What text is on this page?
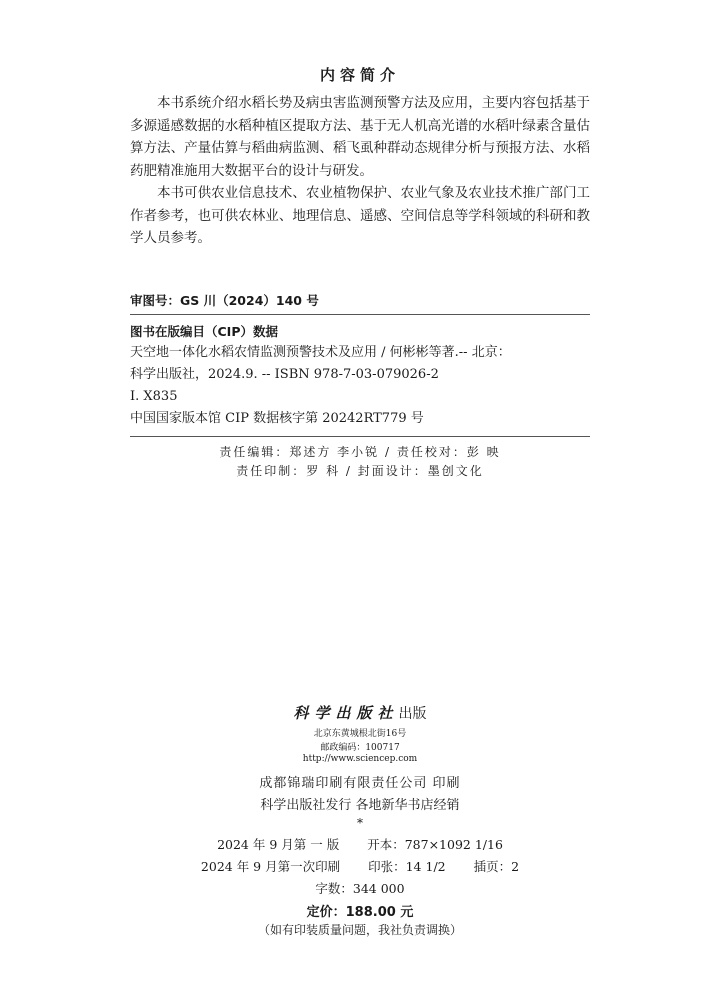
内容简介

本书系统介绍水稻长势及病虫害监测预警方法及应用，主要内容包括基于多源遥感数据的水稻种植区提取方法、基于无人机高光谱的水稻叶绿素含量估算方法、产量估算与稻曲病监测、稻飞虱种群动态规律分析与预报方法、水稻药肥精准施用大数据平台的设计与研发。

本书可供农业信息技术、农业植物保护、农业气象及农业技术推广部门工作者参考，也可供农林业、地理信息、遥感、空间信息等学科领域的科研和教学人员参考。

审图号：GS 川（2024）140 号
图书在版编目（CIP）数据
天空地一体化水稻农情监测预警技术及应用 / 何彬彬等著.-- 北京：
科学出版社，2024.9. -- ISBN 978-7-03-079026-2
Ⅰ. X835
中国国家版本馆 CIP 数据核字第 20242RT779 号
责任编辑：郑述方 李小锐 / 责任校对：彭 映
责任印制：罗 科 / 封面设计：墨创文化
科学出版社出版
北京东黄城根北街16号
邮政编码：100717
http://www.sciencep.com
成都锦瑞印刷有限责任公司 印刷
科学出版社发行 各地新华书店经销
*
2024 年 9 月第 一 版 开本：787×1092 1/16
2024 年 9 月第一次印刷 印张：14 1/2 插页：2
字数：344 000
定价：188.00 元
（如有印装质量问题，我社负责调换）
